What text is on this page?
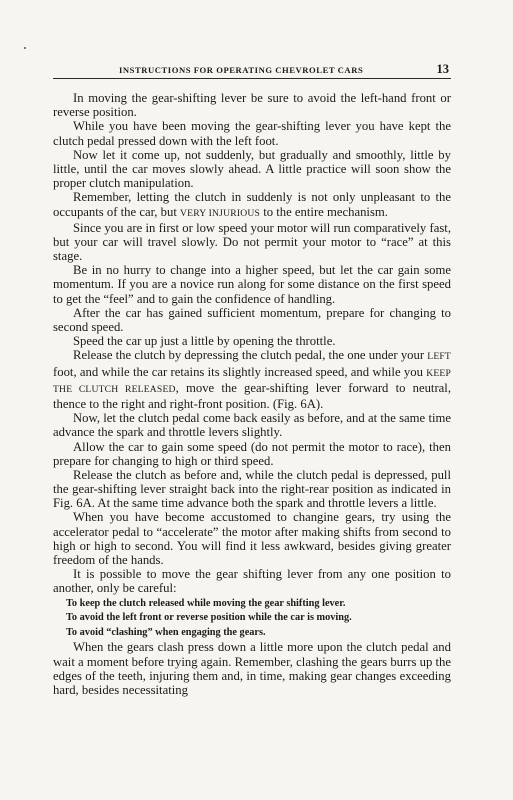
INSTRUCTIONS FOR OPERATING CHEVROLET CARS	13

In moving the gear-shifting lever be sure to avoid the left-hand front or reverse position.

While you have been moving the gear-shifting lever you have kept the clutch pedal pressed down with the left foot.

Now let it come up, not suddenly, but gradually and smoothly, little by little, until the car moves slowly ahead. A little practice will soon show the proper clutch manipulation.

Remember, letting the clutch in suddenly is not only unpleasant to the occupants of the car, but VERY INJURIOUS to the entire mechanism.

Since you are in first or low speed your motor will run comparatively fast, but your car will travel slowly. Do not permit your motor to “race” at this stage.

Be in no hurry to change into a higher speed, but let the car gain some momentum. If you are a novice run along for some distance on the first speed to get the “feel” and to gain the confidence of handling.

After the car has gained sufficient momentum, prepare for changing to second speed.

Speed the car up just a little by opening the throttle.

Release the clutch by depressing the clutch pedal, the one under your LEFT foot, and while the car retains its slightly increased speed, and while you KEEP THE CLUTCH RELEASED, move the gear-shifting lever forward to neutral, thence to the right and right-front position. (Fig. 6A).

Now, let the clutch pedal come back easily as before, and at the same time advance the spark and throttle levers slightly.

Allow the car to gain some speed (do not permit the motor to race), then prepare for changing to high or third speed.

Release the clutch as before and, while the clutch pedal is depressed, pull the gear-shifting lever straight back into the right-rear position as indicated in Fig. 6A. At the same time advance both the spark and throttle levers a little.

When you have become accustomed to changine gears, try using the accelerator pedal to “accelerate” the motor after making shifts from second to high or high to second. You will find it less awkward, besides giving greater freedom of the hands.

It is possible to move the gear shifting lever from any one position to another, only be careful:

To keep the clutch released while moving the gear shifting lever.

To avoid the left front or reverse position while the car is moving.

To avoid “clashing” when engaging the gears.

When the gears clash press down a little more upon the clutch pedal and wait a moment before trying again. Remember, clashing the gears burrs up the edges of the teeth, injuring them and, in time, making gear changes exceeding hard, besides necessitating
